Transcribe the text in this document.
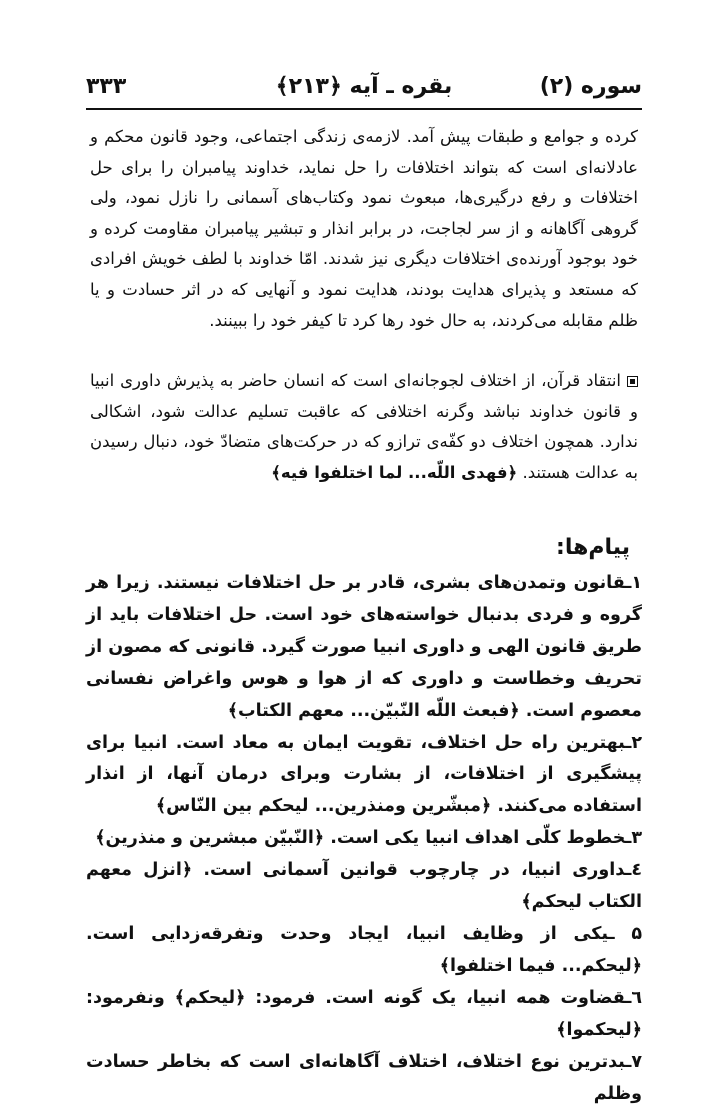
سوره (۲)
بقره ـ آیه ﴿۲۱۳﴾
۳۳۳

کرده و جوامع و طبقات پیش آمد. لازمه‌ی زندگی اجتماعی، وجود قانون محکم و عادلانه‌ای است که بتواند اختلافات را حل نماید، خداوند پیامبران را برای حل اختلافات و رفع درگیری‌ها، مبعوث نمود وکتاب‌های آسمانی را نازل نمود، ولی گروهی آگاهانه و از سر لجاجت، در برابر انذار و تبشیر پیامبران مقاومت کرده و خود بوجود آورنده‌ی اختلافات دیگری نیز شدند. امّا خداوند با لطف خویش افرادی که مستعد و پذیرای هدایت بودند، هدایت نمود و آنهایی که در اثر حسادت و یا ظلم مقابله می‌کردند، به حال خود رها کرد تا کیفر خود را ببینند.

انتقاد قرآن، از اختلاف لجوجانه‌ای است که انسان حاضر به پذیرش داوری انبیا و قانون خداوند نباشد وگرنه اختلافی که عاقبت تسلیم عدالت شود، اشکالی ندارد. همچون اختلاف دو کفّه‌ی ترازو که در حرکت‌های متضادّ خود، دنبال رسیدن به عدالت هستند. ﴿فهدی اللّه... لما اختلفوا فیه﴾

پیام‌ها:
۱ـقانون وتمدن‌های بشری، قادر بر حل اختلافات نیستند. زیرا هر گروه و فردی بدنبال خواسته‌های خود است. حل اختلافات باید از طریق قانون الهی و داوری انبیا صورت گیرد. قانونی که مصون از تحریف وخطاست و داوری که از هوا و هوس واغراض نفسانی معصوم است. ﴿فبعث اللّه النّبیّن... معهم الکتاب﴾
۲ـبهترین راه حل اختلاف، تقویت ایمان به معاد است. انبیا برای پیشگیری از اختلافات، از بشارت وبرای درمان آنها، از انذار استفاده می‌کنند. ﴿مبشّرین ومنذرین... لیحکم بین النّاس﴾
۳ـخطوط کلّی اهداف انبیا یکی است. ﴿النّبیّن مبشرین و منذرین﴾
٤ـداوری انبیا، در چارچوب قوانین آسمانی است. ﴿انزل معهم الکتاب لیحکم﴾
۵ ـیکی از وظایف انبیا، ایجاد وحدت وتفرقه‌زدایی است. ﴿لیحکم... فیما اختلفوا﴾
٦ـقضاوت همه انبیا، یک گونه است. فرمود: ﴿لیحکم﴾ ونفرمود: ﴿لیحکموا﴾
۷ـبدترین نوع اختلاف، اختلاف آگاهانه‌ای است که بخاطر حسادت وظلم
